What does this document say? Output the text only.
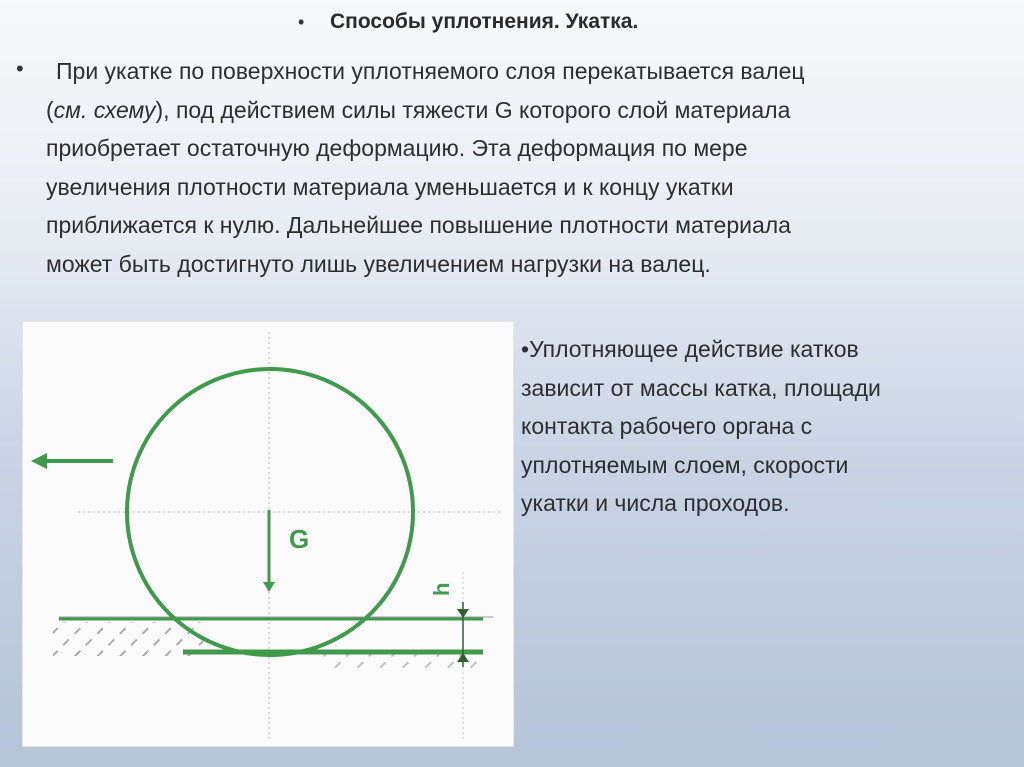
• Способы уплотнения. Укатка.
•	При укатке по поверхности уплотняемого слоя перекатывается валец
(см. схему), под действием силы тяжести G которого слой материала
приобретает остаточную деформацию. Эта деформация по мере
увеличения плотности материала уменьшается и к концу укатки
приближается к нулю. Дальнейшее повышение плотности материала
может быть достигнуто лишь увеличением нагрузки на валец.
G
h
•Уплотняющее действие катков
зависит от массы катка, площади
контакта рабочего органа с
уплотняемым слоем, скорости
укатки и числа проходов.
